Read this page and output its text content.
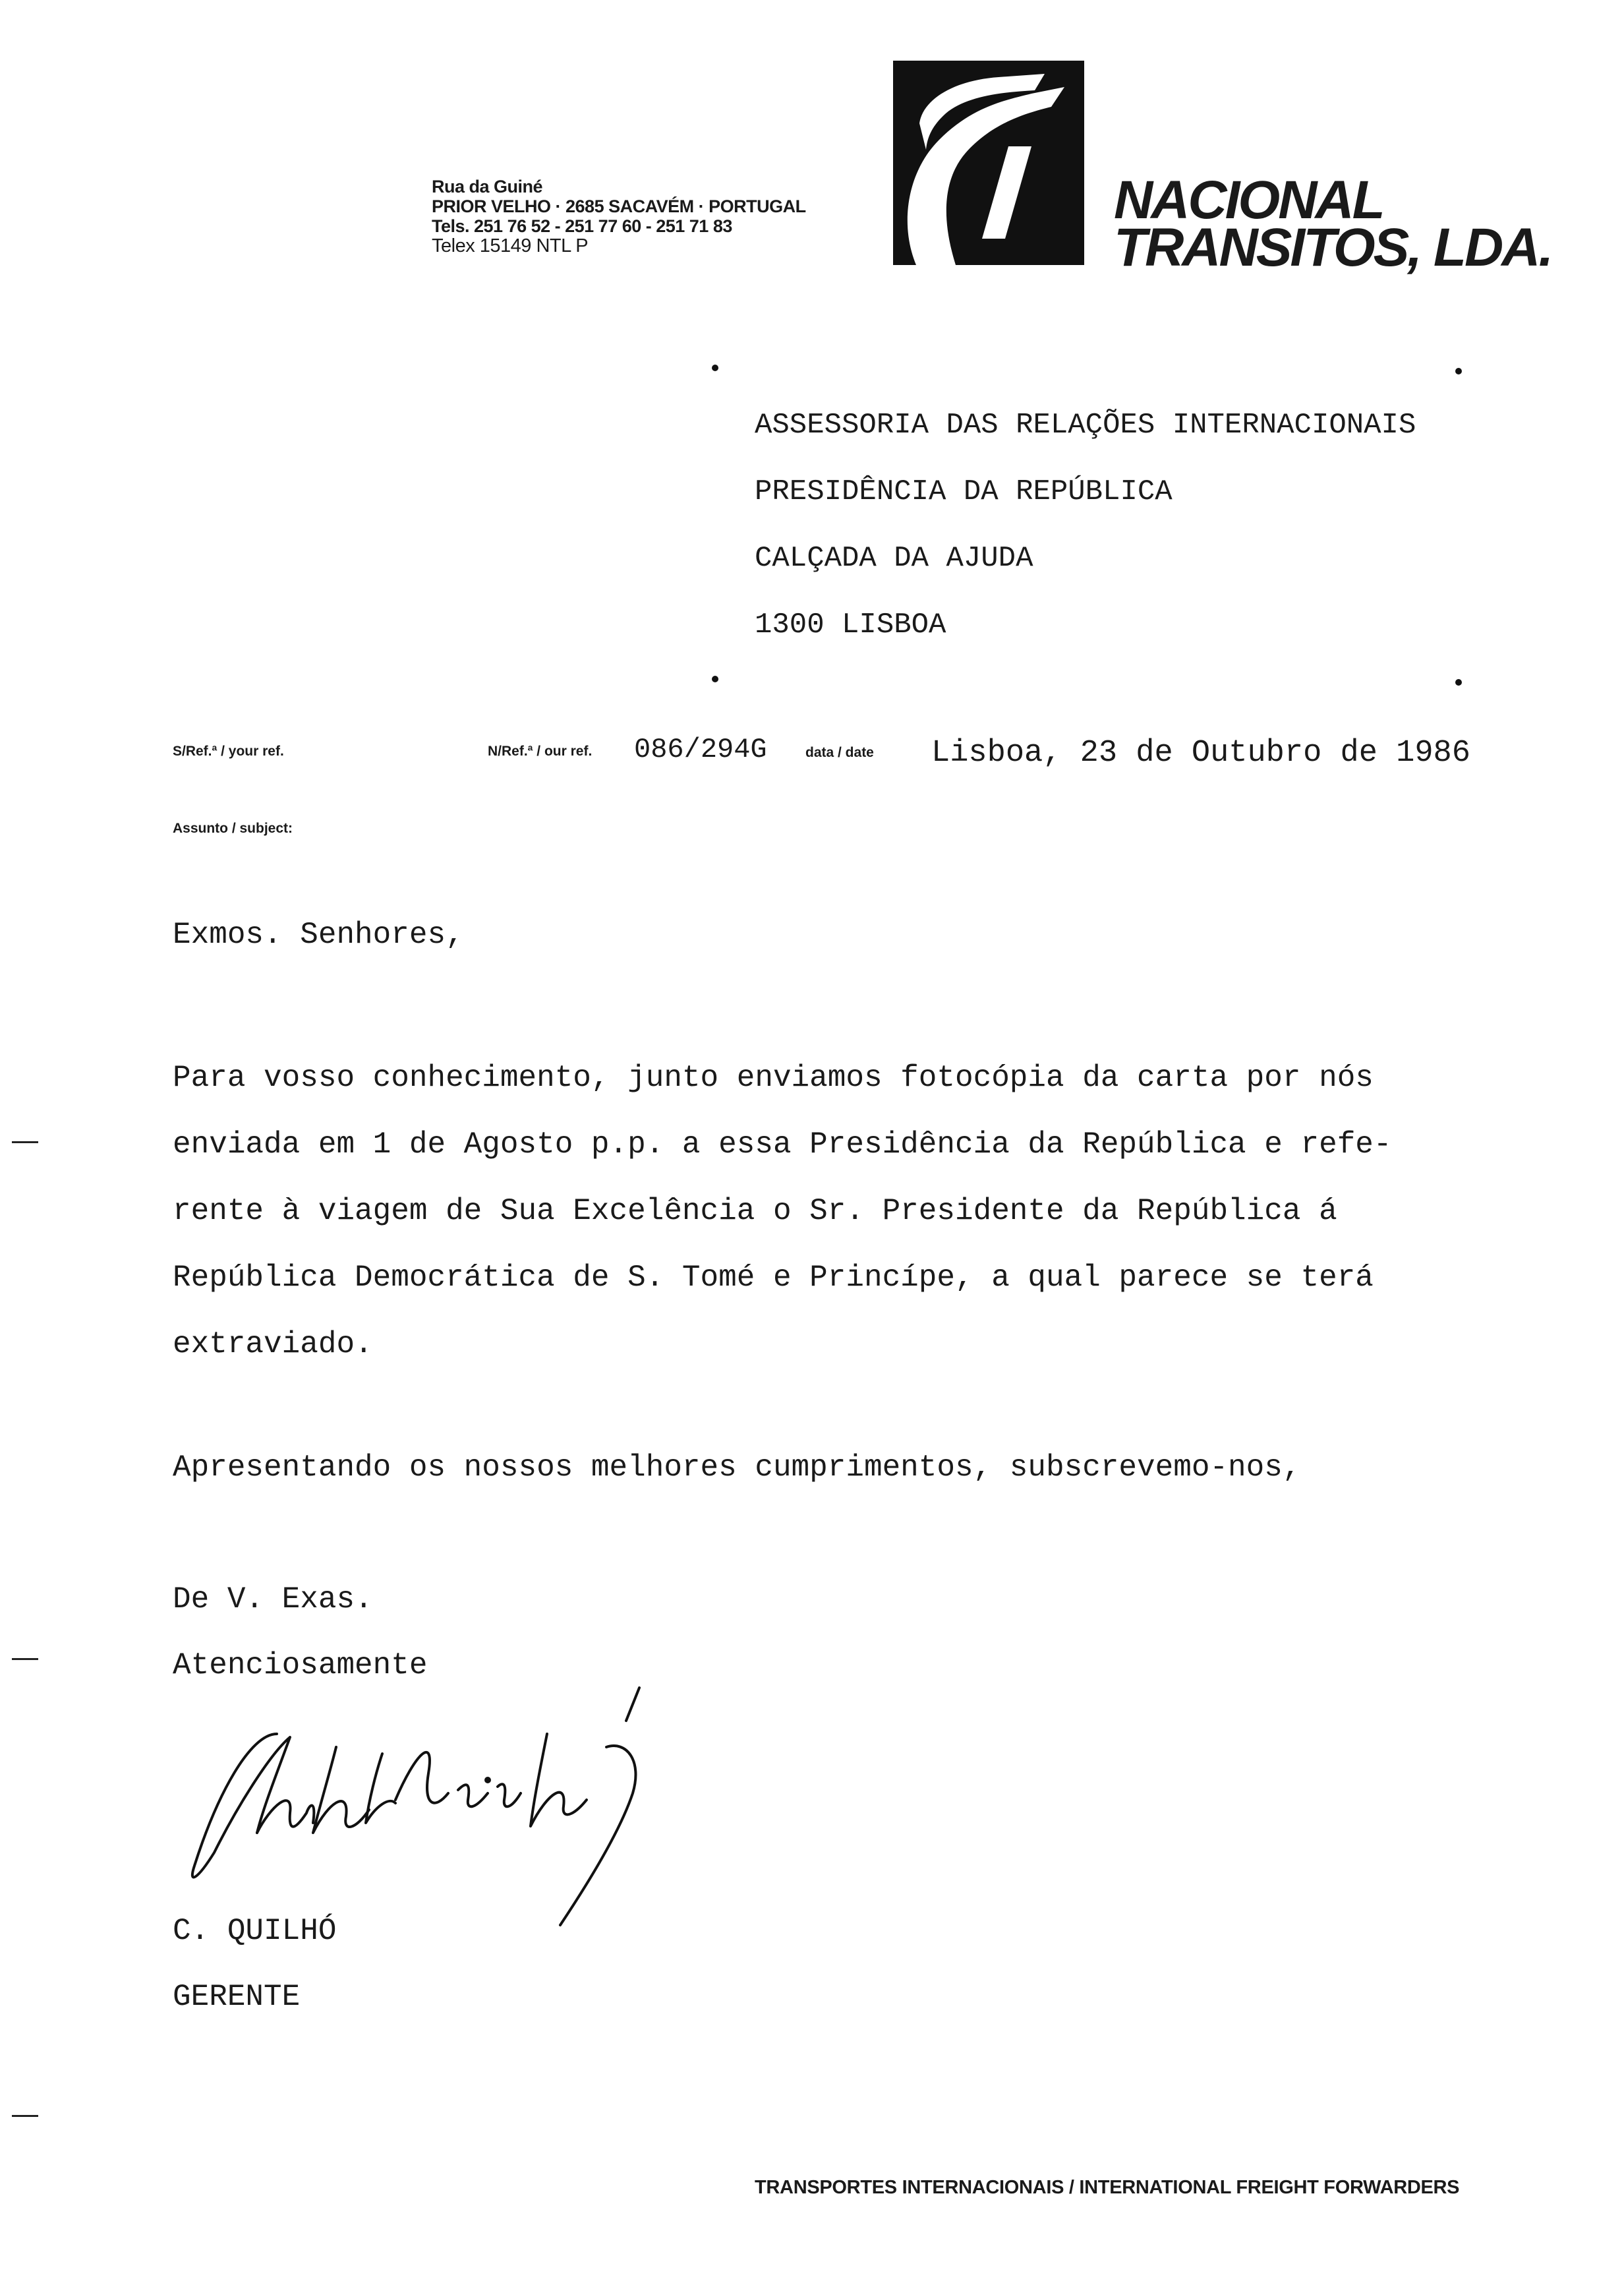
Rua da Guiné
PRIOR VELHO · 2685 SACAVÉM · PORTUGAL
Tels. 251 76 52 - 251 77 60 - 251 71 83
Telex 15149 NTL P
NACIONAL
TRANSITOS, LDA.
ASSESSORIA DAS RELAÇÕES INTERNACIONAIS
PRESIDÊNCIA DA REPÚBLICA
CALÇADA DA AJUDA
1300 LISBOA
S/Ref.ª / your ref.	N/Ref.ª / our ref. 086/294G	data / date Lisboa, 23 de Outubro de 1986
Assunto / subject:
Exmos. Senhores,
Para vosso conhecimento, junto enviamos fotocópia da carta por nós
enviada em 1 de Agosto p.p. a essa Presidência da República e refe-
rente à viagem de Sua Excelência o Sr. Presidente da República á
República Democrática de S. Tomé e Princípe, a qual parece se terá
extraviado.
Apresentando os nossos melhores cumprimentos, subscrevemo-nos,
De V. Exas.
Atenciosamente
C. QUILHÓ
GERENTE
TRANSPORTES INTERNACIONAIS / INTERNATIONAL FREIGHT FORWARDERS
